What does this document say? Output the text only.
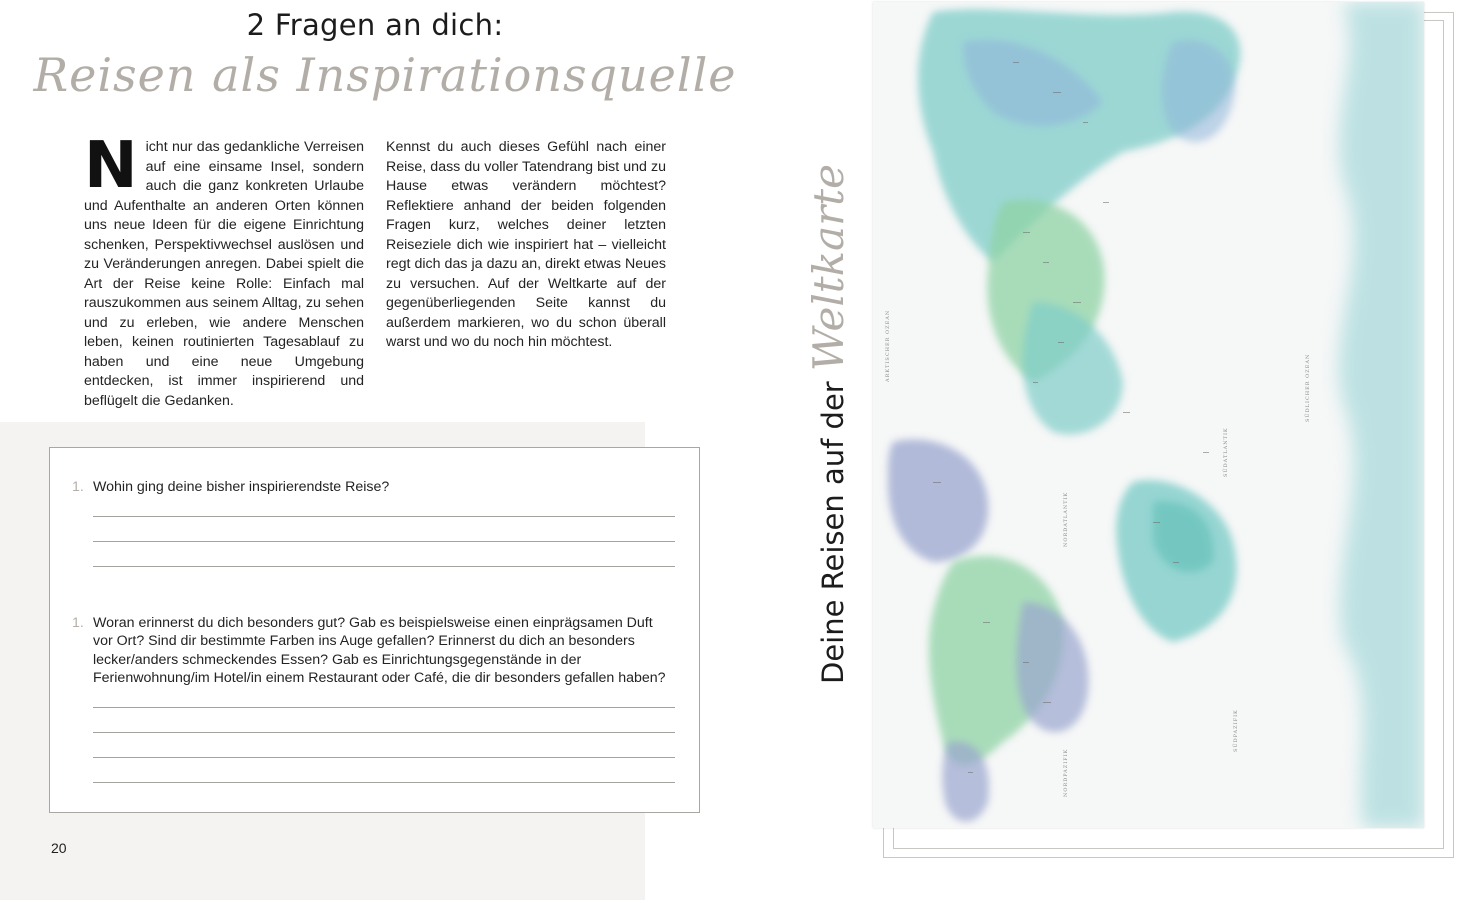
2 Fragen an dich:
Reisen als Inspirationsquelle
Nicht nur das gedankliche Verreisen auf eine einsame Insel, sondern auch die ganz konkreten Urlaube und Aufenthalte an anderen Orten können uns neue Ideen für die eigene Einrichtung schenken, Perspektivwechsel auslösen und zu Veränderungen anregen. Dabei spielt die Art der Reise keine Rolle: Einfach mal rauszukommen aus seinem Alltag, zu sehen und zu erleben, wie andere Menschen leben, keinen routinierten Tagesablauf zu haben und eine neue Umgebung entdecken, ist immer inspirierend und beflügelt die Gedanken.
Kennst du auch dieses Gefühl nach einer Reise, dass du voller Tatendrang bist und zu Hause etwas verändern möchtest? Reflektiere anhand der beiden folgenden Fragen kurz, welches deiner letzten Reiseziele dich wie inspiriert hat – vielleicht regt dich das ja dazu an, direkt etwas Neues zu versuchen. Auf der Weltkarte auf der gegenüberliegenden Seite kannst du außerdem markieren, wo du schon überall warst und wo du noch hin möchtest.
1. Wohin ging deine bisher inspirierendste Reise?
1. Woran erinnerst du dich besonders gut? Gab es beispielsweise einen einprägsamen Duft vor Ort? Sind dir bestimmte Farben ins Auge gefallen? Erinnerst du dich an besonders lecker/anders schmeckendes Essen? Gab es Einrichtungsgegenstände in der Ferienwohnung/im Hotel/in einem Restaurant oder Café, die dir besonders gefallen haben?
20
Deine Reisen auf derWeltkarte	ARKTISCHER OZEAN
NORDATLANTIK
SÜDATLANTIK
NORDPAZIFIK
SÜDPAZIFIK
SÜDLICHER OZEAN
